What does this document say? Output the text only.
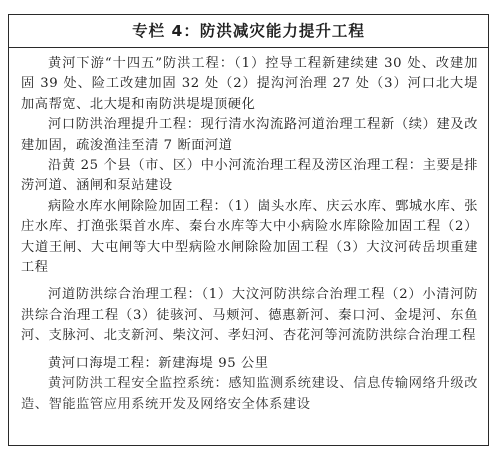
专栏 4：防洪减灾能力提升工程

黄河下游“十四五”防洪工程：（1）控导工程新建续建 30 处、改建加固 39 处、险工改建加固 32 处（2）提沟河治理 27 处（3）河口北大堤加高帮宽、北大堤和南防洪堤堤顶硬化

河口防洪治理提升工程：现行清水沟流路河道治理工程新（续）建及改建加固，疏浚渔洼至清 7 断面河道

沿黄 25 个县（市、区）中小河流治理工程及涝区治理工程：主要是排涝河道、涵闸和泵站建设

病险水库水闸除险加固工程：（1）崮头水库、庆云水库、鄄城水库、张庄水库、打渔张渠首水库、秦台水库等大中小病险水库除险加固工程（2）大道王闸、大屯闸等大中型病险水闸除险加固工程（3）大汶河砖岳坝重建工程

河道防洪综合治理工程：（1）大汶河防洪综合治理工程（2）小清河防洪综合治理工程（3）徒骇河、马颊河、德惠新河、秦口河、金堤河、东鱼河、支脉河、北支新河、柴汶河、孝妇河、杏花河等河流防洪综合治理工程

黄河口海堤工程：新建海堤 95 公里

黄河防洪工程安全监控系统：感知监测系统建设、信息传输网络升级改造、智能监管应用系统开发及网络安全体系建设
